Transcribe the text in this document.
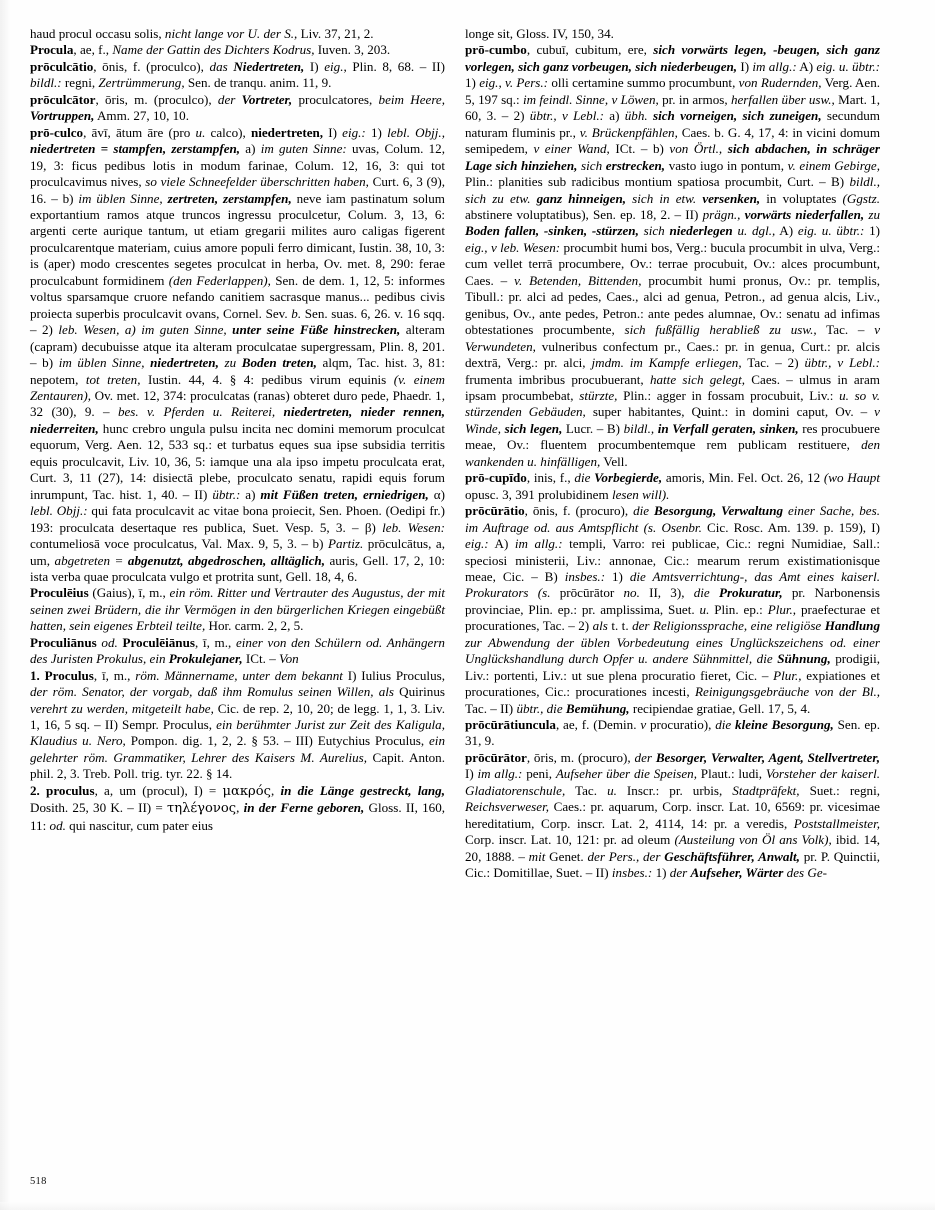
haud procul occasu solis, nicht lange vor U. der S., Liv. 37, 21, 2.

Procula, ae, f., Name der Gattin des Dichters Kodrus, Iuven. 3, 203.

prōculcātio, ōnis, f. (proculco), das Niedertreten, I) eig., Plin. 8, 68. – II) bildl.: regni, Zertrümmerung, Sen. de tranqu. anim. 11, 9.

prōculcātor, ōris, m. (proculco), der Vortreter, proculcatores, beim Heere, Vortruppen, Amm. 27, 10, 10.

prō-culco, āvī, ātum āre (pro u. calco), niedertreten, I) eig.: 1) lebl. Objj., niedertreten = stampfen, zerstampfen, a) im guten Sinne: uvas, Colum. 12, 19, 3: ficus pedibus lotis in modum farinae, Colum. 12, 16, 3: qui tot proculcavimus nives, so viele Schneefelder überschritten haben, Curt. 6, 3 (9), 16. – b) im üblen Sinne, zertreten, zerstampfen, neve iam pastinatum solum exportantium ramos atque truncos ingressu proculcetur, Colum. 3, 13, 6: argenti certe aurique tantum, ut etiam gregarii milites auro caligas figerent proculcarentque materiam, cuius amore populi ferro dimicant, Iustin. 38, 10, 3: is (aper) modo crescentes segetes proculcat in herba, Ov. met. 8, 290: ferae proculcabunt formidinem (den Federlappen), Sen. de dem. 1, 12, 5: informes voltus sparsamque cruore nefando canitiem sacrasque manus... pedibus civis proiecta superbis proculcavit ovans, Cornel. Sev. b. Sen. suas. 6, 26. v. 16 sqq. – 2) leb. Wesen, a) im guten Sinne, unter seine Füße hinstrecken, alteram (capram) decubuisse atque ita alteram proculcatae supergressam, Plin. 8, 201. – b) im üblen Sinne, niedertreten, zu Boden treten, alqm, Tac. hist. 3, 81: nepotem, tot treten, Iustin. 44, 4. § 4: pedibus virum equinis (v. einem Zentauren), Ov. met. 12, 374: proculcatas (ranas) obteret duro pede, Phaedr. 1, 32 (30), 9. – bes. v. Pferden u. Reiterei, niedertreten, nieder rennen, niederreiten, hunc crebro ungula pulsu incita nec domini memorum proculcat equorum, Verg. Aen. 12, 533 sq.: et turbatus eques sua ipse subsidia territis equis proculcavit, Liv. 10, 36, 5: iamque una ala ipso impetu proculcata erat, Curt. 3, 11 (27), 14: disiectā plebe, proculcato senatu, rapidi equis forum inrumpunt, Tac. hist. 1, 40. – II) übtr.: a) mit Füßen treten, erniedrigen, α) lebl. Objj.: qui fata proculcavit ac vitae bona proiecit, Sen. Phoen. (Oedipi fr.) 193: proculcata desertaque res publica, Suet. Vesp. 5, 3. – β) leb. Wesen: contumeliosā voce proculcatus, Val. Max. 9, 5, 3. – b) Partiz. prōculcātus, a, um, abgetreten = abgenutzt, abgedroschen, alltäglich, auris, Gell. 17, 2, 10: ista verba quae proculcata vulgo et protrita sunt, Gell. 18, 4, 6.

Proculēius (Gaius), ī, m., ein röm. Ritter und Vertrauter des Augustus, der mit seinen zwei Brüdern, die ihr Vermögen in den bürgerlichen Kriegen eingebüßt hatten, sein eigenes Erbteil teilte, Hor. carm. 2, 2, 5.

Proculiānus od. Proculēiānus, ī, m., einer von den Schülern od. Anhängern des Juristen Prokulus, ein Prokulejaner, ICt. – Von

1. Proculus, ī, m., röm. Männername, unter dem bekannt I) Iulius Proculus, der röm. Senator, der vorgab, daß ihm Romulus seinen Willen, als Quirinus verehrt zu werden, mitgeteilt habe, Cic. de rep. 2, 10, 20; de legg. 1, 1, 3. Liv. 1, 16, 5 sq. – II) Sempr. Proculus, ein berühmter Jurist zur Zeit des Kaligula, Klaudius u. Nero, Pompon. dig. 1, 2, 2. § 53. – III) Eutychius Proculus, ein gelehrter röm. Grammatiker, Lehrer des Kaisers M. Aurelius, Capit. Anton. phil. 2, 3. Treb. Poll. trig. tyr. 22. § 14.

2. proculus, a, um (procul), I) = μακρός, in die Länge gestreckt, lang, Dosith. 25, 30 K. – II) = τηλέγονος, in der Ferne geboren, Gloss. II, 160, 11: od. qui nascitur, cum pater eius

longe sit, Gloss. IV, 150, 34.

prō-cumbo, cubuī, cubitum, ere, sich vorwärts legen, -beugen, sich ganz vorlegen, sich ganz vorbeugen, sich niederbeugen, I) im allg.: A) eig. u. übtr.: 1) eig., v. Pers.: olli certamine summo procumbunt, von Rudernden, Verg. Aen. 5, 197 sq.: im feindl. Sinne, v Löwen, pr. in armos, herfallen über usw., Mart. 1, 60, 3. – 2) übtr., v Lebl.: a) übh. sich vorneigen, sich zuneigen, secundum naturam fluminis pr., v. Brückenpfählen, Caes. b. G. 4, 17, 4: in vicini domum semipedem, v einer Wand, ICt. – b) von Örtl., sich abdachen, in schräger Lage sich hinziehen, sich erstrecken, vasto iugo in pontum, v. einem Gebirge, Plin.: planities sub radicibus montium spatiosa procumbit, Curt. – B) bildl., sich zu etw. ganz hinneigen, sich in etw. versenken, in voluptates (Ggstz. abstinere voluptatibus), Sen. ep. 18, 2. – II) prägn., vorwärts niederfallen, zu Boden fallen, -sinken, -stürzen, sich niederlegen u. dgl., A) eig. u. übtr.: 1) eig., v leb. Wesen: procumbit humi bos, Verg.: bucula procumbit in ulva, Verg.: cum vellet terrā procumbere, Ov.: terrae procubuit, Ov.: alces procumbunt, Caes. – v. Betenden, Bittenden, procumbit humi pronus, Ov.: pr. templis, Tibull.: pr. alci ad pedes, Caes., alci ad genua, Petron., ad genua alcis, Liv., genibus, Ov., ante pedes, Petron.: ante pedes alumnae, Ov.: senatu ad infimas obtestationes procumbente, sich fußfällig herabließ zu usw., Tac. – v Verwundeten, vulneribus confectum pr., Caes.: pr. in genua, Curt.: pr. alcis dextrā, Verg.: pr. alci, jmdm. im Kampfe erliegen, Tac. – 2) übtr., v Lebl.: frumenta imbribus procubuerant, hatte sich gelegt, Caes. – ulmus in aram ipsam procumbebat, stürzte, Plin.: agger in fossam procubuit, Liv.: u. so v. stürzenden Gebäuden, super habitantes, Quint.: in domini caput, Ov. – v Winde, sich legen, Lucr. – B) bildl., in Verfall geraten, sinken, res procubuere meae, Ov.: fluentem procumbentemque rem publicam restituere, den wankenden u. hinfälligen, Vell.

prō-cupīdo, inis, f., die Vorbegierde, amoris, Min. Fel. Oct. 26, 12 (wo Haupt opusc. 3, 391 prolubidinem lesen will).

prōcūrātio, ōnis, f. (procuro), die Besorgung, Verwaltung einer Sache, bes. im Auftrage od. aus Amtspflicht (s. Osenbr. Cic. Rosc. Am. 139. p. 159), I) eig.: A) im allg.: templi, Varro: rei publicae, Cic.: regni Numidiae, Sall.: speciosi ministerii, Liv.: annonae, Cic.: mearum rerum existimationisque meae, Cic. – B) insbes.: 1) die Amtsverrichtung-, das Amt eines kaiserl. Prokurators (s. prōcūrātor no. II, 3), die Prokuratur, pr. Narbonensis provinciae, Plin. ep.: pr. amplissima, Suet. u. Plin. ep.: Plur., praefecturae et procurationes, Tac. – 2) als t. t. der Religionssprache, eine religiöse Handlung zur Abwendung der üblen Vorbedeutung eines Unglückszeichens od. einer Unglückshandlung durch Opfer u. andere Sühnmittel, die Sühnung, prodigii, Liv.: portenti, Liv.: ut sue plena procuratio fieret, Cic. – Plur., expiationes et procurationes, Cic.: procurationes incesti, Reinigungsgebräuche von der Bl., Tac. – II) übtr., die Bemühung, recipiendae gratiae, Gell. 17, 5, 4.

prōcūrātiuncula, ae, f. (Demin. v procuratio), die kleine Besorgung, Sen. ep. 31, 9.

prōcūrātor, ōris, m. (procuro), der Besorger, Verwalter, Agent, Stellvertreter, I) im allg.: peni, Aufseher über die Speisen, Plaut.: ludi, Vorsteher der kaiserl. Gladiatorenschule, Tac. u. Inscr.: pr. urbis, Stadtpräfekt, Suet.: regni, Reichsverweser, Caes.: pr. aquarum, Corp. inscr. Lat. 10, 6569: pr. vicesimae hereditatium, Corp. inscr. Lat. 2, 4114, 14: pr. a veredis, Poststallmeister, Corp. inscr. Lat. 10, 121: pr. ad oleum (Austeilung von Öl ans Volk), ibid. 14, 20, 1888. – mit Genet. der Pers., der Geschäftsführer, Anwalt, pr. P. Quinctii, Cic.: Domitillae, Suet. – II) insbes.: 1) der Aufseher, Wärter des Ge-

518
